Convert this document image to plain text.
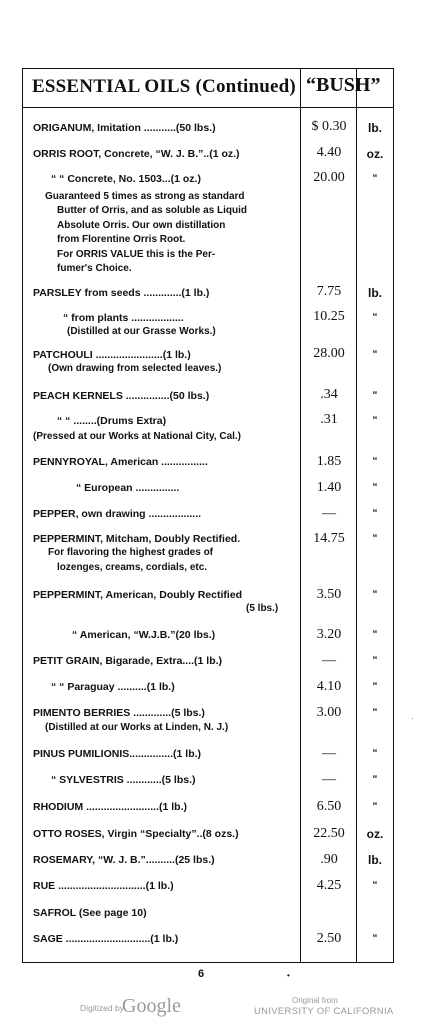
ESSENTIAL OILS (Continued) “BUSH”
ORIGANUM, Imitation ...........(50 lbs.)	$ 0.30	lb.
ORRIS ROOT, Concrete, “W. J. B.”..(1 oz.)	4.40	oz.
“ “ Concrete, No. 1503...(1 oz.)	20.00	“
Guaranteed 5 times as strong as standard
Butter of Orris, and as soluble as Liquid
Absolute Orris. Our own distillation
from Florentine Orris Root.
For ORRIS VALUE this is the Per-
fumer's Choice.
PARSLEY from seeds .............(1 lb.)	7.75	lb.
“ from plants ..................	10.25	“
(Distilled at our Grasse Works.)
PATCHOULI .......................(1 lb.)	28.00	“
(Own drawing from selected leaves.)
PEACH KERNELS ...............(50 lbs.)	.34	“
“ “ ........(Drums Extra)	.31	“
(Pressed at our Works at National City, Cal.)
PENNYROYAL, American ................	1.85	“
“ European ...............	1.40	“
PEPPER, own drawing ..................	—	“
PEPPERMINT, Mitcham, Doubly Rectified.	14.75	“
For flavoring the highest grades of
lozenges, creams, cordials, etc.
PEPPERMINT, American, Doubly Rectified	3.50	“
(5 lbs.)
“ American, “W.J.B.”(20 lbs.)	3.20	“
PETIT GRAIN, Bigarade, Extra....(1 lb.)	—	“
“ “ Paraguay ..........(1 lb.)	4.10	“
PIMENTO BERRIES .............(5 lbs.)	3.00	“
(Distilled at our Works at Linden, N. J.)
PINUS PUMILIONIS...............(1 lb.)	—	“
“ SYLVESTRIS ............(5 lbs.)	—	“
RHODIUM .........................(1 lb.)	6.50	“
OTTO ROSES, Virgin “Specialty”..(8 ozs.)	22.50	oz.
ROSEMARY, “W. J. B.”..........(25 lbs.)	.90	lb.
RUE ..............................(1 lb.)	4.25	“
SAFROL (See page 10)
SAGE .............................(1 lb.)	2.50	“
6	•
·
Digitized by
Google	Original from
UNIVERSITY OF CALIFORNIA
